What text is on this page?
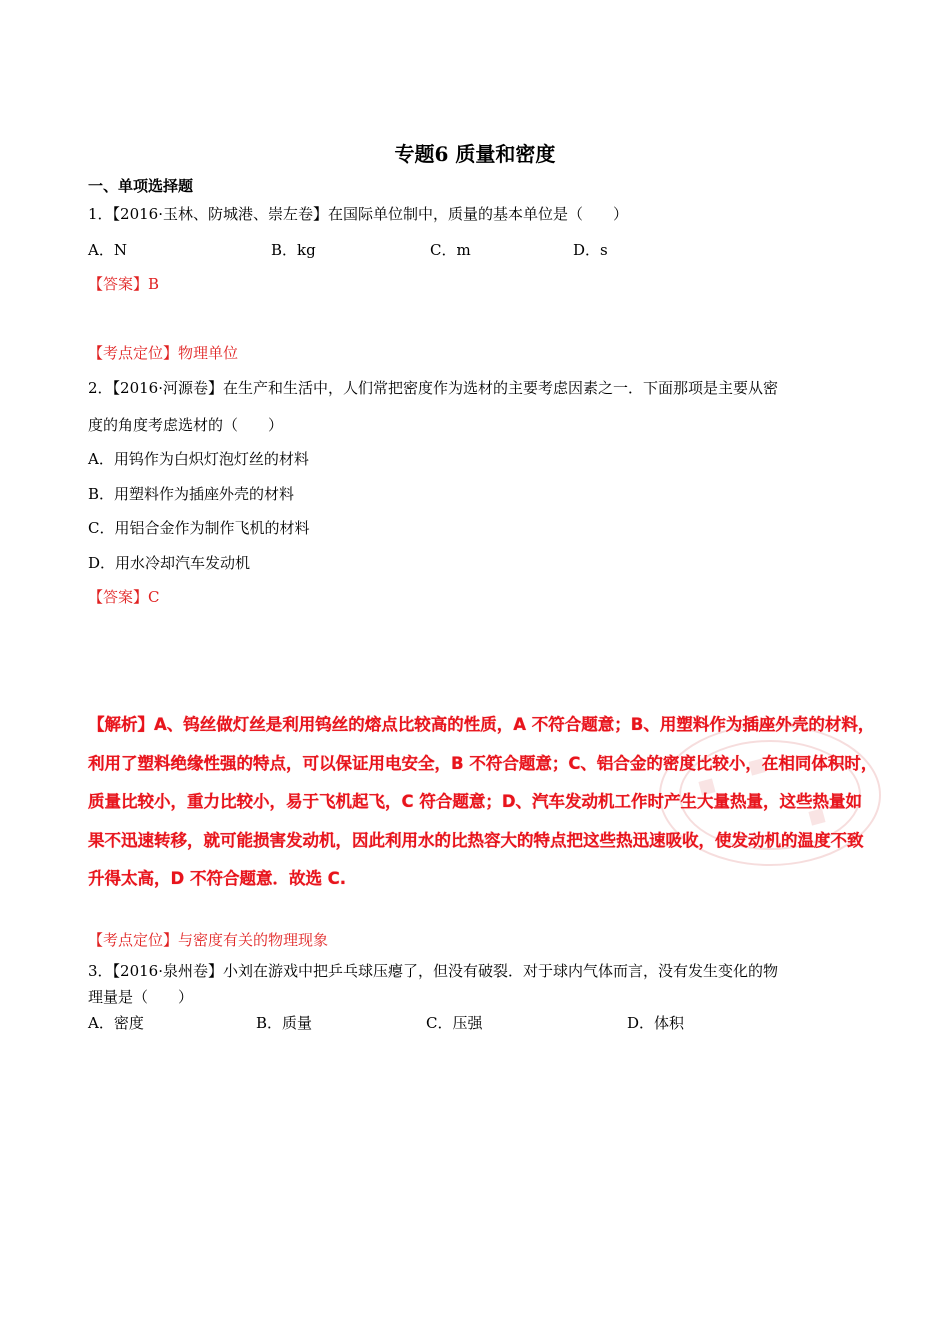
专题6 质量和密度
一、单项选择题
1．【2016·玉林、防城港、崇左卷】在国际单位制中，质量的基本单位是（　　）
A．N	B．kg	C．m	D．s
【答案】B
【考点定位】物理单位
2．【2016·河源卷】在生产和生活中，人们常把密度作为选材的主要考虑因素之一．下面那项是主要从密
度的角度考虑选材的（　　）
A．用钨作为白炽灯泡灯丝的材料
B．用塑料作为插座外壳的材料
C．用铝合金作为制作飞机的材料
D．用水冷却汽车发动机
【答案】C
【解析】A、钨丝做灯丝是利用钨丝的熔点比较高的性质，A 不符合题意；B、用塑料作为插座外壳的材料，利用了塑料绝缘性强的特点，可以保证用电安全，B 不符合题意；C、铝合金的密度比较小，在相同体积时，质量比较小，重力比较小，易于飞机起飞，C 符合题意；D、汽车发动机工作时产生大量热量，这些热量如果不迅速转移，就可能损害发动机，因此利用水的比热容大的特点把这些热迅速吸收，使发动机的温度不致升得太高，D 不符合题意．故选 C.
【考点定位】与密度有关的物理现象
3．【2016·泉州卷】小刘在游戏中把乒乓球压瘪了，但没有破裂．对于球内气体而言，没有发生变化的物
理量是（　　）
A．密度	B．质量	C．压强	D．体积
